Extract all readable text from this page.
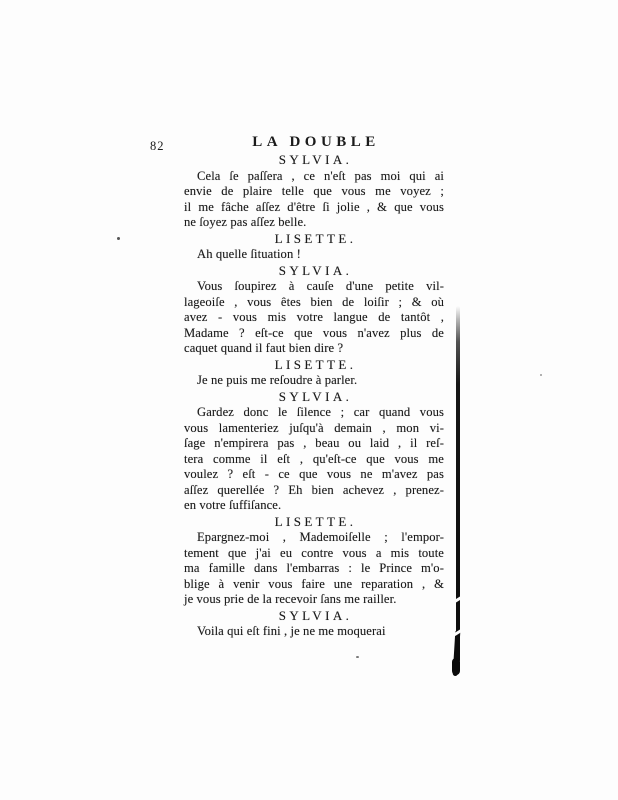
82	LA DOUBLE
SYLVIA.
Cela ſe paſſera , ce n'eſt pas moi qui ai
envie de plaire telle que vous me voyez ;
il me fâche aſſez d'être ſi jolie , & que vous
ne ſoyez pas aſſez belle.
LISETTE.
Ah quelle ſituation !
SYLVIA.
Vous ſoupirez à cauſe d'une petite vil-
lageoiſe , vous êtes bien de loiſir ; & où
avez - vous mis votre langue de tantôt ,
Madame ? eſt-ce que vous n'avez plus de
caquet quand il faut bien dire ?
LISETTE.
Je ne puis me reſoudre à parler.
SYLVIA.
Gardez donc le ſilence ; car quand vous
vous lamenteriez juſqu'à demain , mon vi-
ſage n'empirera pas , beau ou laid , il reſ-
tera comme il eſt , qu'eſt-ce que vous me
voulez ? eſt - ce que vous ne m'avez pas
aſſez querellée ? Eh bien achevez , prenez-
en votre ſuffiſance.
LISETTE.
Epargnez-moi , Mademoiſelle ; l'empor-
tement que j'ai eu contre vous a mis toute
ma famille dans l'embarras : le Prince m'o-
blige à venir vous faire une reparation , &
je vous prie de la recevoir ſans me railler.
SYLVIA.
Voila qui eſt fini , je ne me moquerai
